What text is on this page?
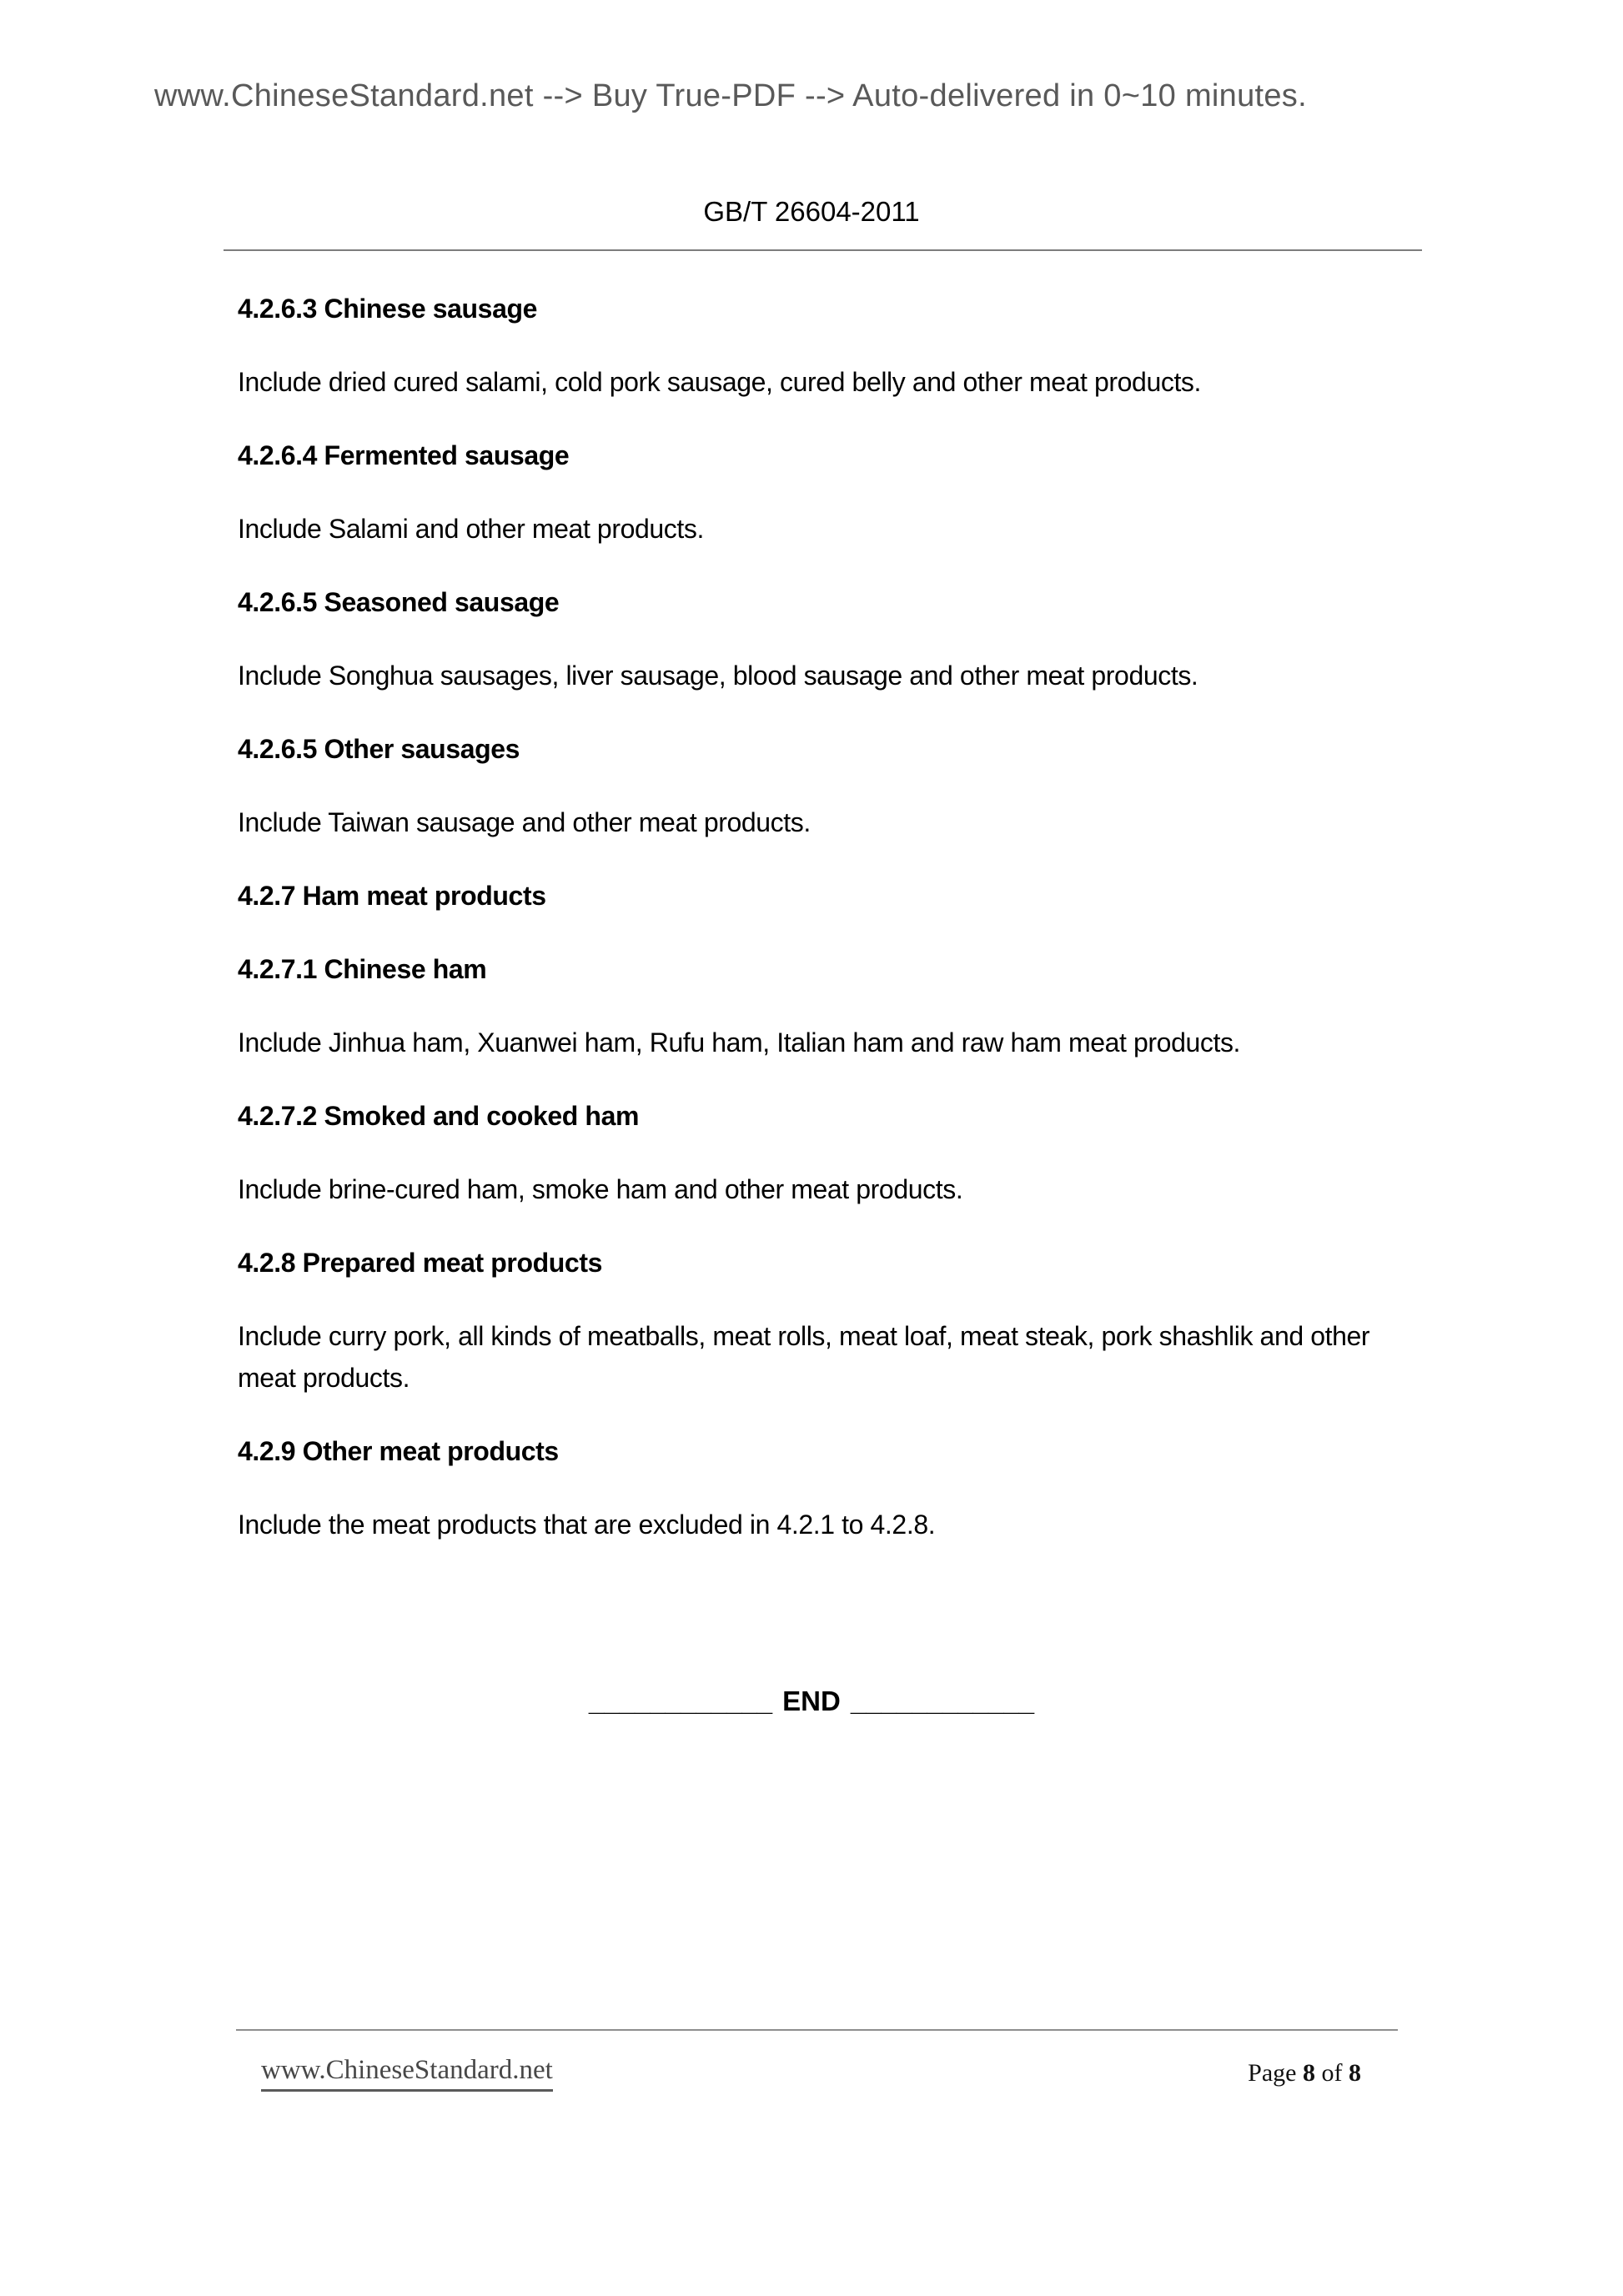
www.ChineseStandard.net --> Buy True-PDF --> Auto-delivered in 0~10 minutes.
GB/T 26604-2011
4.2.6.3 Chinese sausage
Include dried cured salami, cold pork sausage, cured belly and other meat products.
4.2.6.4 Fermented sausage
Include Salami and other meat products.
4.2.6.5 Seasoned sausage
Include Songhua sausages, liver sausage, blood sausage and other meat products.
4.2.6.5 Other sausages
Include Taiwan sausage and other meat products.
4.2.7 Ham meat products
4.2.7.1 Chinese ham
Include Jinhua ham, Xuanwei ham, Rufu ham, Italian ham and raw ham meat products.
4.2.7.2 Smoked and cooked ham
Include brine-cured ham, smoke ham and other meat products.
4.2.8 Prepared meat products
Include curry pork, all kinds of meatballs, meat rolls, meat loaf, meat steak, pork shashlik and other meat products.
4.2.9 Other meat products
Include the meat products that are excluded in 4.2.1 to 4.2.8.
____________ END ____________
www.ChineseStandard.net	Page 8 of 8
